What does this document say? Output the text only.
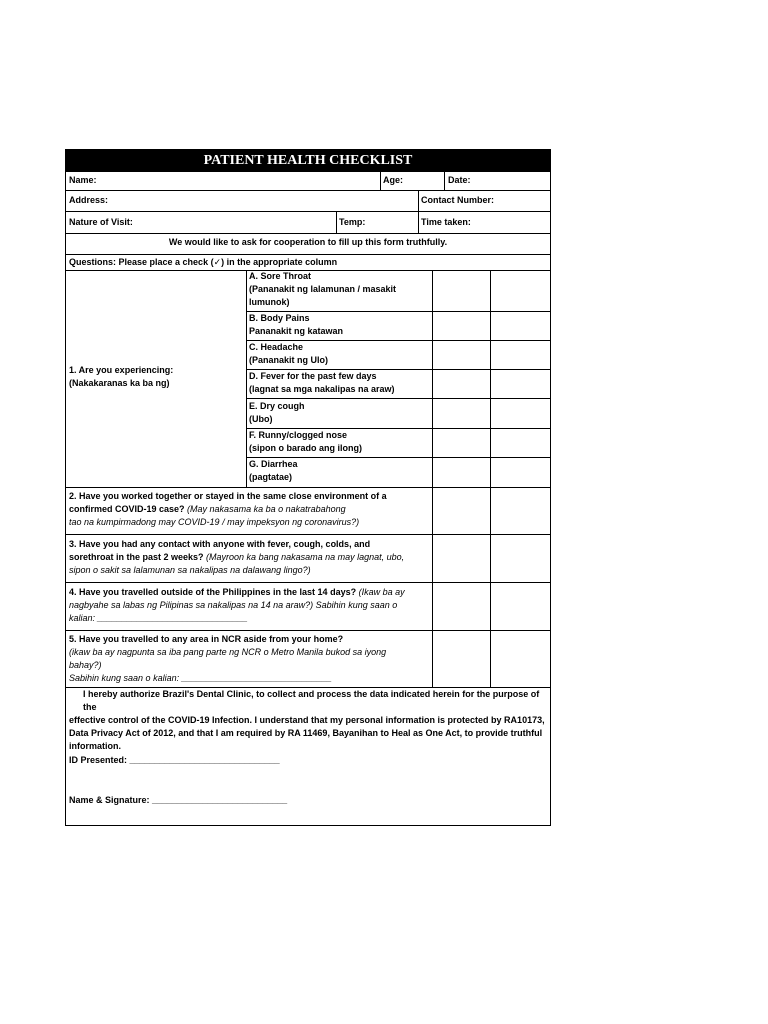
PATIENT HEALTH CHECKLIST
Name:	Age:	Date:
Address:	Contact Number:
Nature of Visit:	Temp:	Time taken:
We would like to ask for cooperation to fill up this form truthfully.
Questions: Please place a check (✓) in the appropriate column
1. Are you experiencing:
(Nakakaranas ka ba ng)
A. Sore Throat
(Pananakit ng lalamunan / masakit
lumunok)
B. Body Pains
Pananakit ng katawan
C. Headache
(Pananakit ng Ulo)
D. Fever for the past few days
(lagnat sa mga nakalipas na araw)
E. Dry cough
(Ubo)
F. Runny/clogged nose
(sipon o barado ang ilong)
G. Diarrhea
(pagtatae)
2. Have you worked together or stayed in the same close environment of a
confirmed COVID-19 case? (May nakasama ka ba o nakatrabahong
tao na kumpirmadong may COVID-19 / may impeksyon ng coronavirus?)
3. Have you had any contact with anyone with fever, cough, colds, and
sorethroat in the past 2 weeks? (Mayroon ka bang nakasama na may lagnat, ubo,
sipon o sakit sa lalamunan sa nakalipas na dalawang lingo?)
4. Have you travelled outside of the Philippines in the last 14 days? (Ikaw ba ay
nagbyahe sa labas ng Pilipinas sa nakalipas na 14 na araw?) Sabihin kung saan o
kalian: ______________________________
5. Have you travelled to any area in NCR aside from your home?
(ikaw ba ay nagpunta sa iba pang parte ng NCR o Metro Manila bukod sa iyong
bahay?)
Sabihin kung saan o kalian: ______________________________
I hereby authorize Brazil's Dental Clinic, to collect and process the data indicated herein for the purpose of the
effective control of the COVID-19 Infection. I understand that my personal information is protected by RA10173,
Data Privacy Act of 2012, and that I am required by RA 11469, Bayanihan to Heal as One Act, to provide truthful
information.
ID Presented: ______________________________
Name & Signature: ___________________________
